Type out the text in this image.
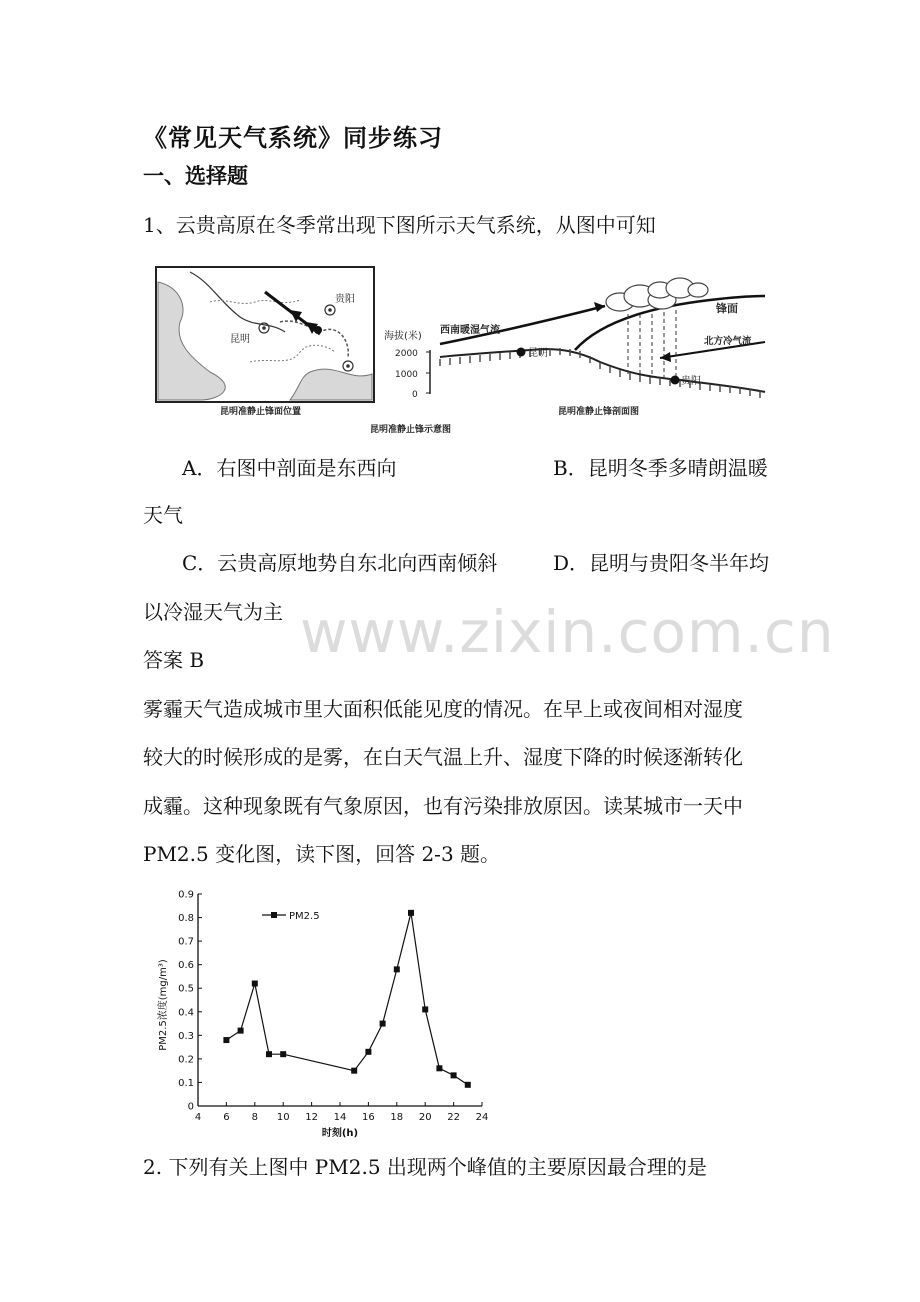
《常见天气系统》同步练习
一、选择题
1、云贵高原在冬季常出现下图所示天气系统，从图中可知
昆明
贵阳
昆明准静止锋面位置
昆明准静止锋示意图
海拔(米)
2000
1000
0
西南暖湿气流
锋面
北方冷气流
昆明
贵阳
昆明准静止锋剖面图
A．右图中剖面是东西向	B．昆明冬季多晴朗温暖
天气
C．云贵高原地势自东北向西南倾斜	D．昆明与贵阳冬半年均
以冷湿天气为主 www.zixin.com.cn
答案 B
雾霾天气造成城市里大面积低能见度的情况。在早上或夜间相对湿度
较大的时候形成的是雾，在白天气温上升、湿度下降的时候逐渐转化
成霾。这种现象既有气象原因，也有污染排放原因。读某城市一天中
PM2.5 变化图，读下图，回答 2-3 题。
0
0.1
0.2
0.3
0.4
0.5
0.6
0.7
0.8
0.9
4 6 8 10 12 14 16 18 20 22 24
PM2.5
时刻(h)
PM2.5浓度(mg/m³)
2. 下列有关上图中 PM2.5 出现两个峰值的主要原因最合理的是
